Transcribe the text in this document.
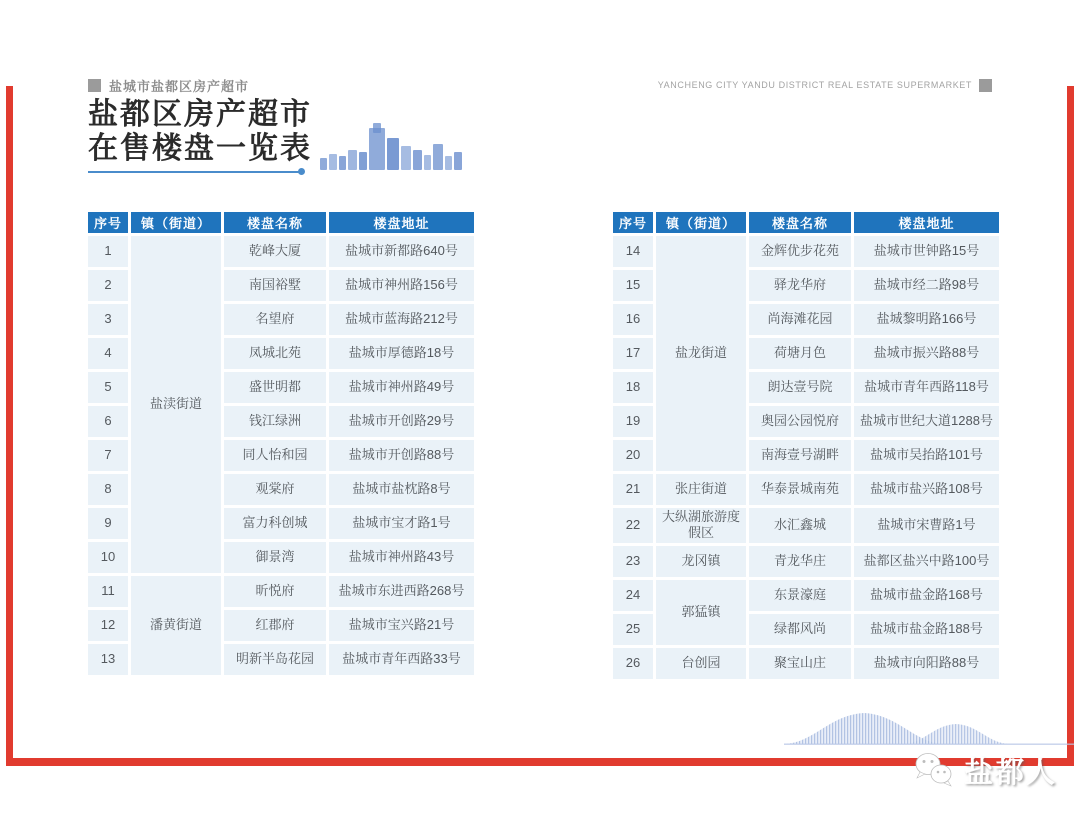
盐城市盐都区房产超市	YANCHENG CITY YANDU DISTRICT REAL ESTATE SUPERMARKET
盐都区房产超市
在售楼盘一览表
序号	镇（街道）	楼盘名称	楼盘地址
1	盐渎街道	乾峰大厦	盐城市新都路640号
2		南国裕墅	盐城市神州路156号
3		名望府	盐城市蓝海路212号
4		凤城北苑	盐城市厚德路18号
5		盛世明都	盐城市神州路49号
6		钱江绿洲	盐城市开创路29号
7		同人怡和园	盐城市开创路88号
8		观棠府	盐城市盐枕路8号
9		富力科创城	盐城市宝才路1号
10		御景湾	盐城市神州路43号
11	潘黄街道	昕悦府	盐城市东进西路268号
12		红郡府	盐城市宝兴路21号
13		明新半岛花园	盐城市青年西路33号
序号	镇（街道）	楼盘名称	楼盘地址
14	盐龙街道	金辉优步花苑	盐城市世钟路15号
15		驿龙华府	盐城市经二路98号
16		尚海滩花园	盐城黎明路166号
17		荷塘月色	盐城市振兴路88号
18		朗达壹号院	盐城市青年西路118号
19		奥园公园悦府	盐城市世纪大道1288号
20		南海壹号湖畔	盐城市吴抬路101号
21	张庄街道	华泰景城南苑	盐城市盐兴路108号
22	大纵湖旅游度假区	水汇鑫城	盐城市宋曹路1号
23	龙冈镇	青龙华庄	盐都区盐兴中路100号
24	郭猛镇	东景濠庭	盐城市盐金路168号
25		绿都风尚	盐城市盐金路188号
26	台创园	聚宝山庄	盐城市向阳路88号
盐都人
